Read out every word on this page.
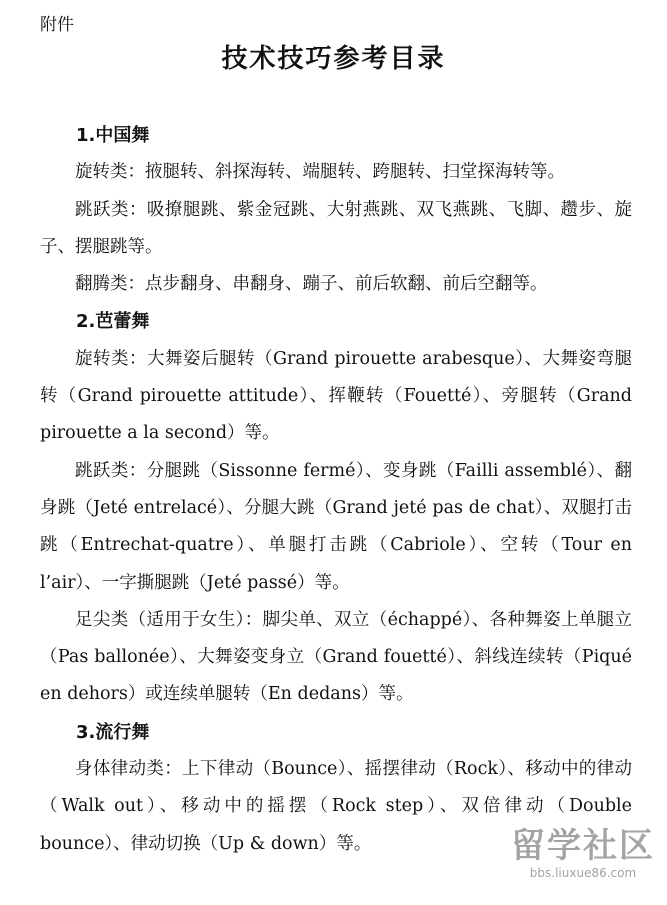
附件
技术技巧参考目录
1.中国舞

旋转类：掖腿转、斜探海转、端腿转、跨腿转、扫堂探海转等。

跳跃类：吸撩腿跳、紫金冠跳、大射燕跳、双飞燕跳、飞脚、趱步、旋子、摆腿跳等。

翻腾类：点步翻身、串翻身、蹦子、前后软翻、前后空翻等。

2.芭蕾舞

旋转类：大舞姿后腿转（Grand pirouette arabesque）、大舞姿弯腿转（Grand pirouette attitude）、挥鞭转（Fouetté）、旁腿转（Grand pirouette a la second）等。

跳跃类：分腿跳（Sissonne fermé）、变身跳（Failli assemblé）、翻身跳（Jeté entrelacé）、分腿大跳（Grand jeté pas de chat）、双腿打击跳（Entrechat-quatre）、单腿打击跳（Cabriole）、空转（Tour en l’air）、一字撕腿跳（Jeté passé）等。

足尖类（适用于女生）：脚尖单、双立（échappé）、各种舞姿上单腿立（Pas ballonée）、大舞姿变身立（Grand fouetté）、斜线连续转（Piqué en dehors）或连续单腿转（En dedans）等。

3.流行舞

身体律动类：上下律动（Bounce）、摇摆律动（Rock）、移动中的律动（Walk out）、移动中的摇摆（Rock step）、双倍律动（Double bounce）、律动切换（Up & down）等。	留学社区
bbs.liuxue86.com
